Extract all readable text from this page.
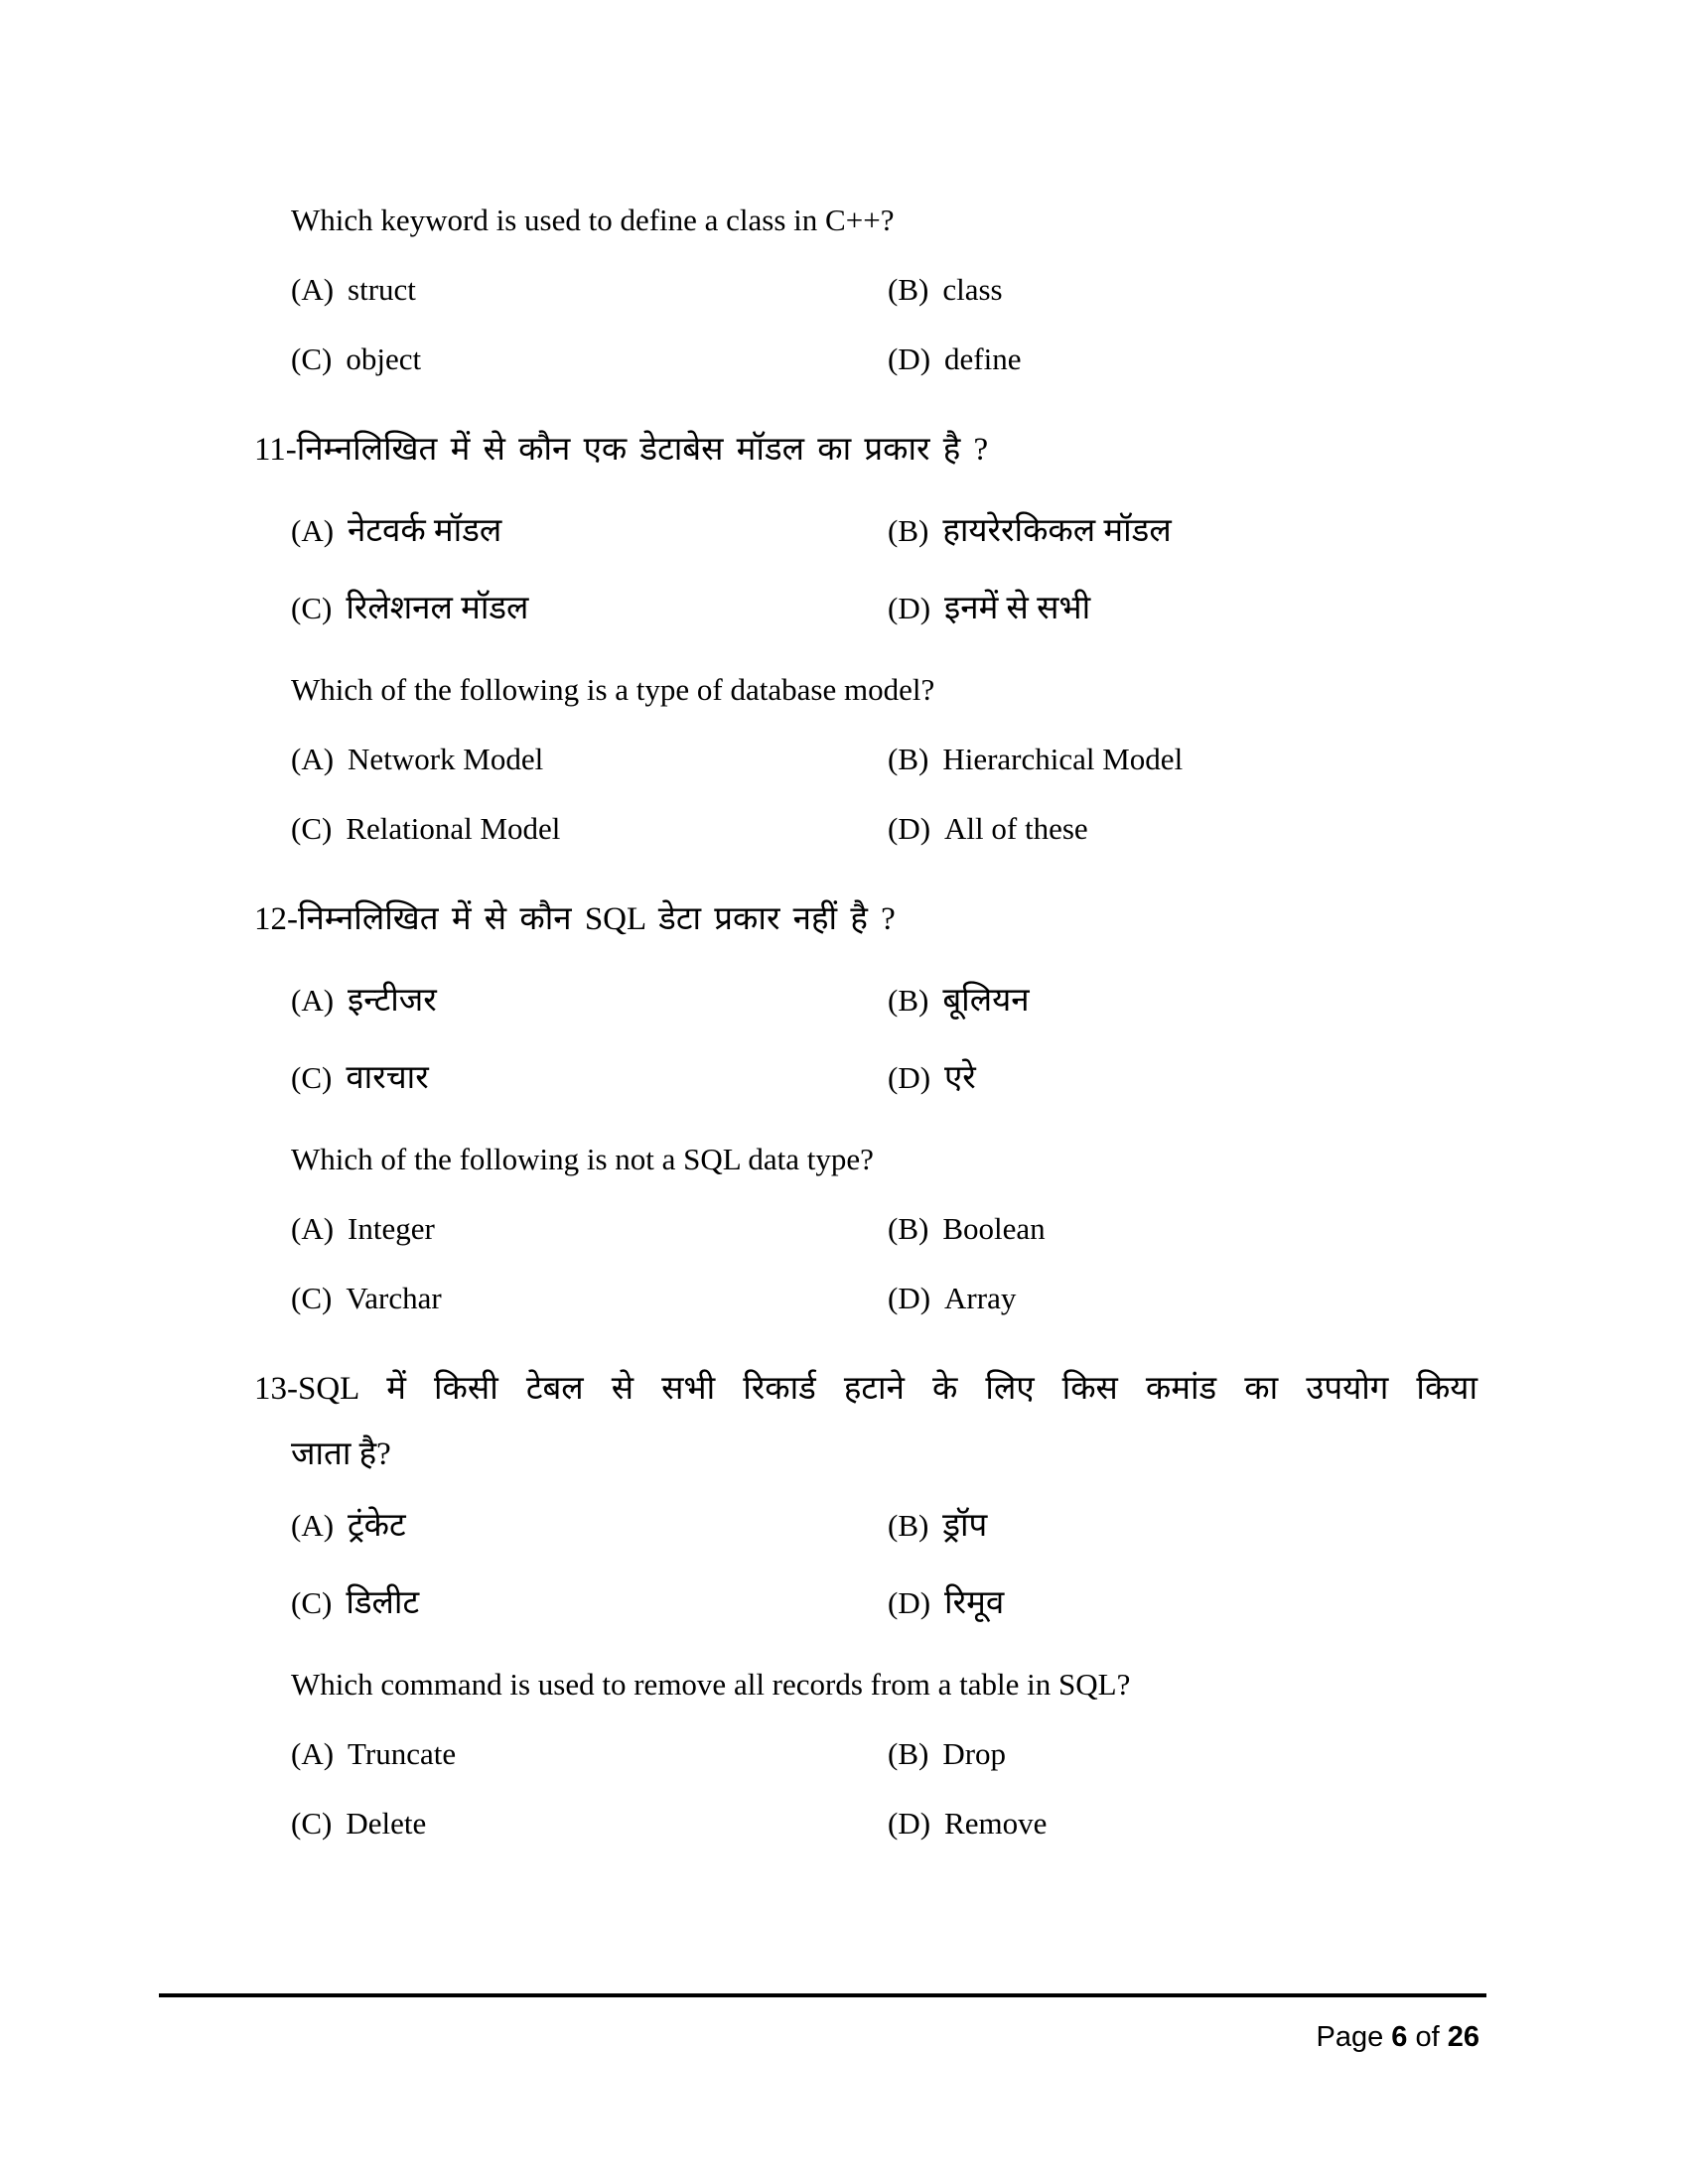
Which keyword is used to define a class in C++?
(A) struct	(B) class
(C) object	(D) define
11-निम्नलिखित में से कौन एक डेटाबेस मॉडल का प्रकार है ?
(A) नेटवर्क मॉडल	(B) हायरेरकिकल मॉडल
(C) रिलेशनल मॉडल	(D) इनमें से सभी
Which of the following is a type of database model?
(A) Network Model	(B) Hierarchical Model
(C) Relational Model	(D) All of these
12-निम्नलिखित में से कौन SQL डेटा प्रकार नहीं है ?
(A) इन्टीजर	(B) बूलियन
(C) वारचार	(D) एरे
Which of the following is not a SQL data type?
(A) Integer	(B) Boolean
(C) Varchar	(D) Array
13-SQL में किसी टेबल से सभी रिकार्ड हटाने के लिए किस कमांड का उपयोग किया
जाता है?
(A) ट्रंकेट	(B) ड्रॉप
(C) डिलीट	(D) रिमूव
Which command is used to remove all records from a table in SQL?
(A) Truncate	(B) Drop
(C) Delete	(D) Remove
Page 6 of 26
